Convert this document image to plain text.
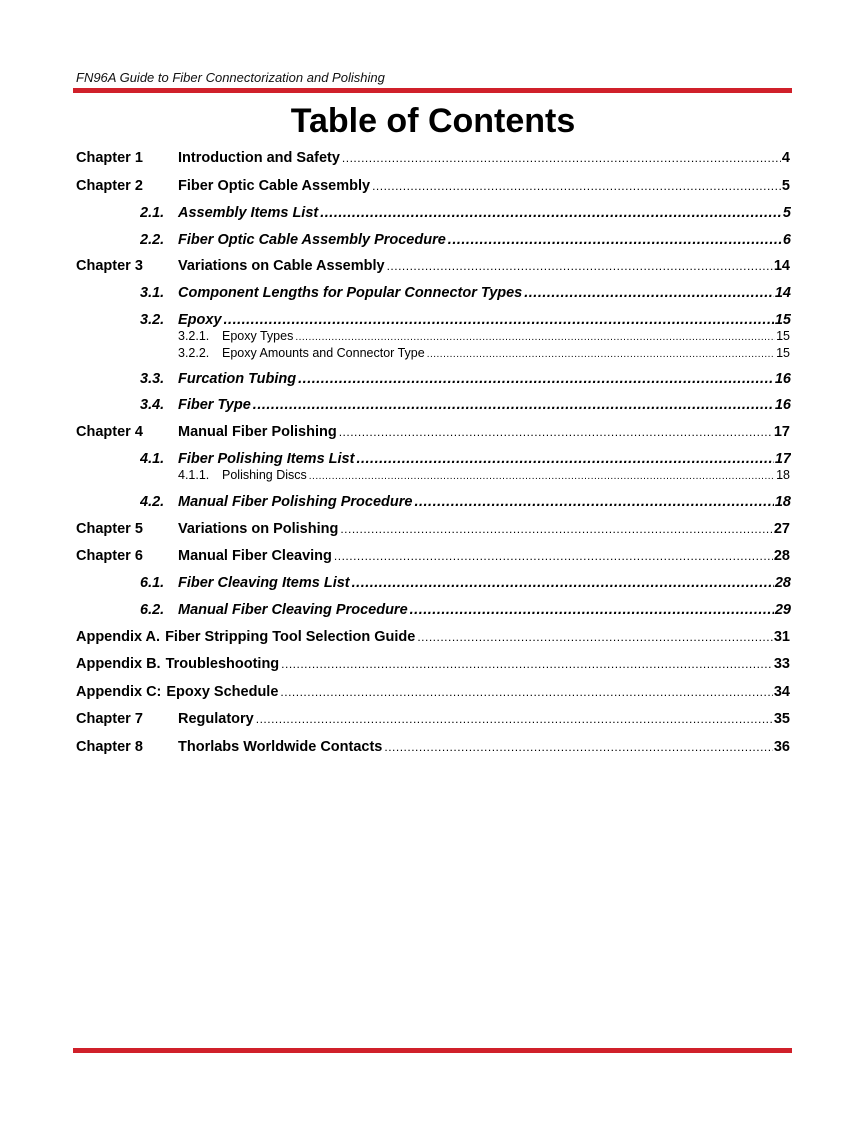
FN96A Guide to Fiber Connectorization and Polishing
Table of Contents
Chapter 1	Introduction and Safety .....	4
Chapter 2	Fiber Optic Cable Assembly .....	5
2.1. Assembly Items List .....	5
2.2. Fiber Optic Cable Assembly Procedure .....	6
Chapter 3	Variations on Cable Assembly .....	14
3.1. Component Lengths for Popular Connector Types .....	14
3.2. Epoxy .....	15
3.2.1.	Epoxy Types .....	15
3.2.2.	Epoxy Amounts and Connector Type .....	15
3.3. Furcation Tubing .....	16
3.4. Fiber Type .....	16
Chapter 4	Manual Fiber Polishing .....	17
4.1. Fiber Polishing Items List .....	17
4.1.1.	Polishing Discs .....	18
4.2. Manual Fiber Polishing Procedure .....	18
Chapter 5	Variations on Polishing .....	27
Chapter 6	Manual Fiber Cleaving .....	28
6.1. Fiber Cleaving Items List .....	28
6.2. Manual Fiber Cleaving Procedure .....	29
Appendix A. Fiber Stripping Tool Selection Guide .....	31
Appendix B. Troubleshooting .....	33
Appendix C: Epoxy Schedule .....	34
Chapter 7	Regulatory .....	35
Chapter 8	Thorlabs Worldwide Contacts .....	36
